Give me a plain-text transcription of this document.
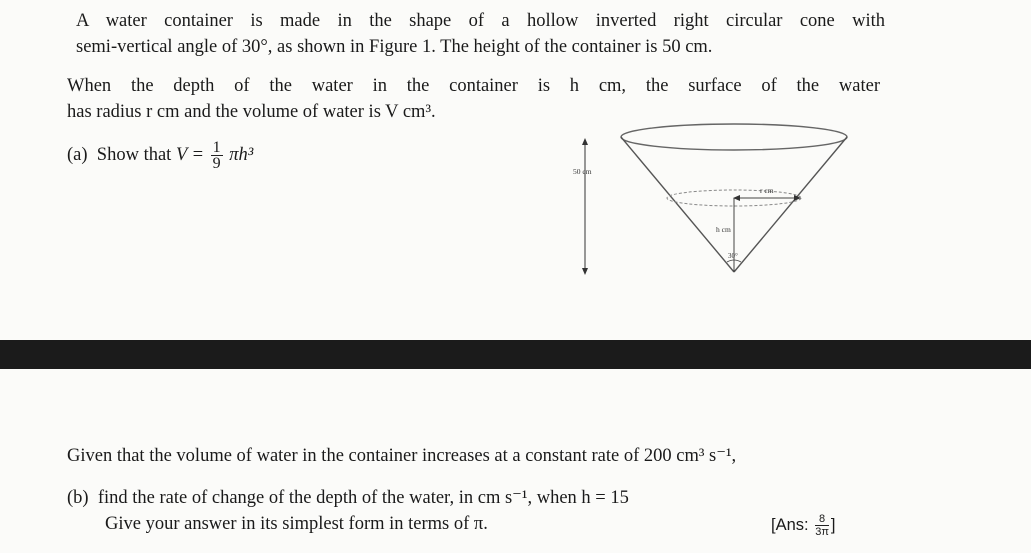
A water container is made in the shape of a hollow inverted right circular cone with
semi-vertical angle of 30°, as shown in Figure 1. The height of the container is 50 cm.
When the depth of the water in the container is h cm, the surface of the water
has radius r cm and the volume of water is V cm³.
(a) Show that $V = \frac{1}{9} \pi h^3$
r cm
h cm
30°
50 cm
Given that the volume of water in the container increases at a constant rate of 200 cm³ s⁻¹,
(b) find the rate of change of the depth of the water, in cm s⁻¹, when h = 15
Give your answer in its simplest form in terms of π.	[Ans: $\frac{8}{3\pi}$ ]
